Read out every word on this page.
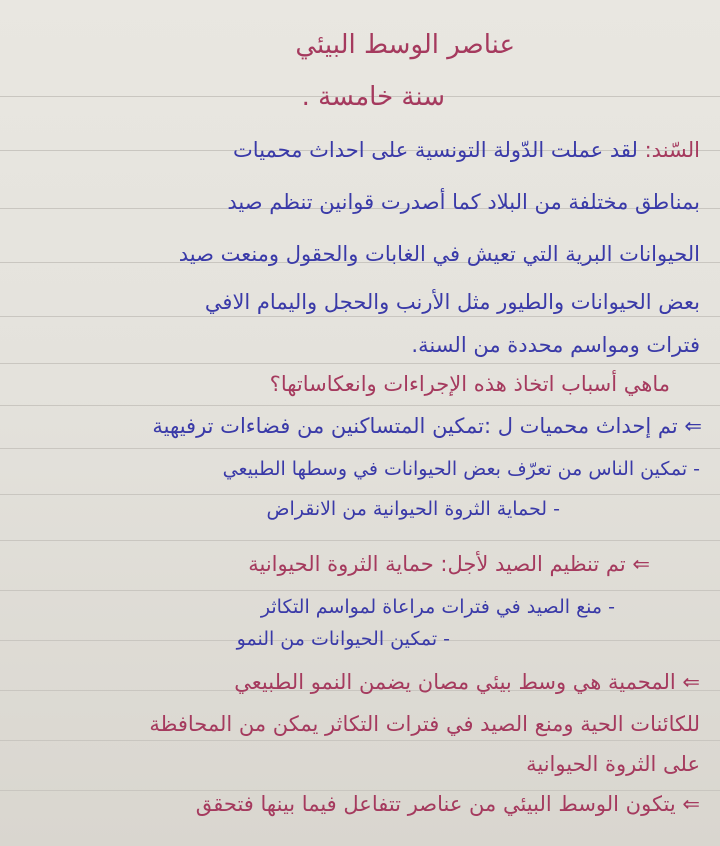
عناصر الوسط البيئي
سنة خامسة .
السّند: لقد عملت الدّولة التونسية على احداث محميات
بمناطق مختلفة من البلاد كما أصدرت قوانين تنظم صيد
الحيوانات البرية التي تعيش في الغابات والحقول ومنعت صيد
بعض الحيوانات والطيور مثل الأرنب والحجل واليمام الافي
فترات ومواسم محددة من السنة.
ماهي أسباب اتخاذ هذه الإجراءات وانعكاساتها؟
⇐ تم إحداث محميات ل :تمكين المتساكنين من فضاءات ترفيهية
- تمكين الناس من تعرّف بعض الحيوانات في وسطها الطبيعي
- لحماية الثروة الحيوانية من الانقراض
⇐ تم تنظيم الصيد لأجل: حماية الثروة الحيوانية
- منع الصيد في فترات مراعاة لمواسم التكاثر
- تمكين الحيوانات من النمو
⇐ المحمية هي وسط بيئي مصان يضمن النمو الطبيعي
للكائنات الحية ومنع الصيد في فترات التكاثر يمكن من المحافظة
على الثروة الحيوانية
⇐ يتكون الوسط البيئي من عناصر تتفاعل فيما بينها فتحقق
